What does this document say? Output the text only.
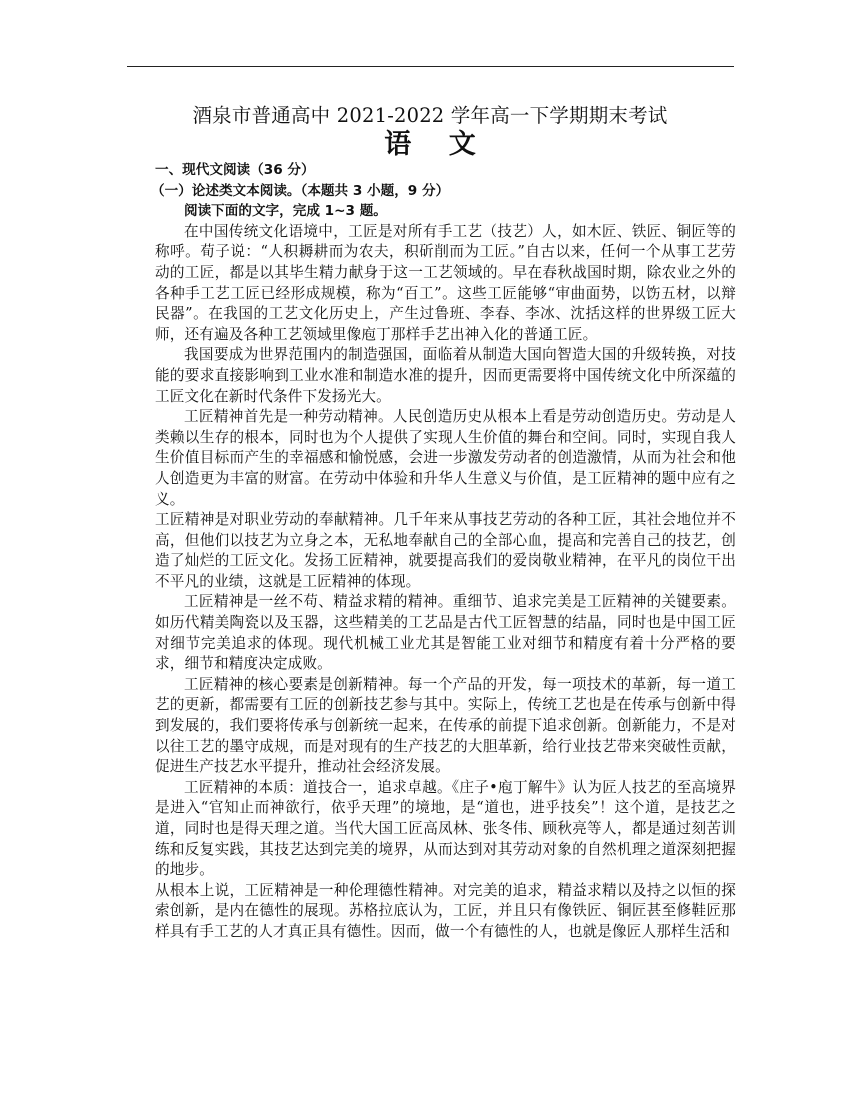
酒泉市普通高中 2021-2022 学年高一下学期期末考试
语 文
一、现代文阅读（36 分）
（一）论述类文本阅读。（本题共 3 小题，9 分）
阅读下面的文字，完成 1~3 题。
在中国传统文化语境中，工匠是对所有手工艺（技艺）人，如木匠、铁匠、铜匠等的称呼。荀子说：“人积耨耕而为农夫，积斫削而为工匠。”自古以来，任何一个从事工艺劳动的工匠，都是以其毕生精力献身于这一工艺领域的。早在春秋战国时期，除农业之外的各种手工艺工匠已经形成规模，称为“百工”。这些工匠能够“审曲面势，以饬五材，以辩民器”。在我国的工艺文化历史上，产生过鲁班、李春、李冰、沈括这样的世界级工匠大师，还有遍及各种工艺领域里像庖丁那样手艺出神入化的普通工匠。
我国要成为世界范围内的制造强国，面临着从制造大国向智造大国的升级转换，对技能的要求直接影响到工业水准和制造水准的提升，因而更需要将中国传统文化中所深蕴的工匠文化在新时代条件下发扬光大。
工匠精神首先是一种劳动精神。人民创造历史从根本上看是劳动创造历史。劳动是人类赖以生存的根本，同时也为个人提供了实现人生价值的舞台和空间。同时，实现自我人生价值目标而产生的幸福感和愉悦感，会进一步激发劳动者的创造激情，从而为社会和他人创造更为丰富的财富。在劳动中体验和升华人生意义与价值，是工匠精神的题中应有之义。
工匠精神是对职业劳动的奉献精神。几千年来从事技艺劳动的各种工匠，其社会地位并不高，但他们以技艺为立身之本，无私地奉献自己的全部心血，提高和完善自己的技艺，创造了灿烂的工匠文化。发扬工匠精神，就要提高我们的爱岗敬业精神，在平凡的岗位干出不平凡的业绩，这就是工匠精神的体现。
工匠精神是一丝不苟、精益求精的精神。重细节、追求完美是工匠精神的关键要素。如历代精美陶瓷以及玉器，这些精美的工艺品是古代工匠智慧的结晶，同时也是中国工匠对细节完美追求的体现。现代机械工业尤其是智能工业对细节和精度有着十分严格的要求，细节和精度决定成败。
工匠精神的核心要素是创新精神。每一个产品的开发，每一项技术的革新，每一道工艺的更新，都需要有工匠的创新技艺参与其中。实际上，传统工艺也是在传承与创新中得到发展的，我们要将传承与创新统一起来，在传承的前提下追求创新。创新能力，不是对以往工艺的墨守成规，而是对现有的生产技艺的大胆革新，给行业技艺带来突破性贡献，促进生产技艺水平提升，推动社会经济发展。
工匠精神的本质：道技合一，追求卓越。《庄子•庖丁解牛》认为匠人技艺的至高境界是进入“官知止而神欲行，依乎天理”的境地，是“道也，进乎技矣”！这个道，是技艺之道，同时也是得天理之道。当代大国工匠高凤林、张冬伟、顾秋亮等人，都是通过刻苦训练和反复实践，其技艺达到完美的境界，从而达到对其劳动对象的自然机理之道深刻把握的地步。
从根本上说，工匠精神是一种伦理德性精神。对完美的追求，精益求精以及持之以恒的探索创新，是内在德性的展现。苏格拉底认为，工匠，并且只有像铁匠、铜匠甚至修鞋匠那样具有手工艺的人才真正具有德性。因而，做一个有德性的人，也就是像匠人那样生活和
